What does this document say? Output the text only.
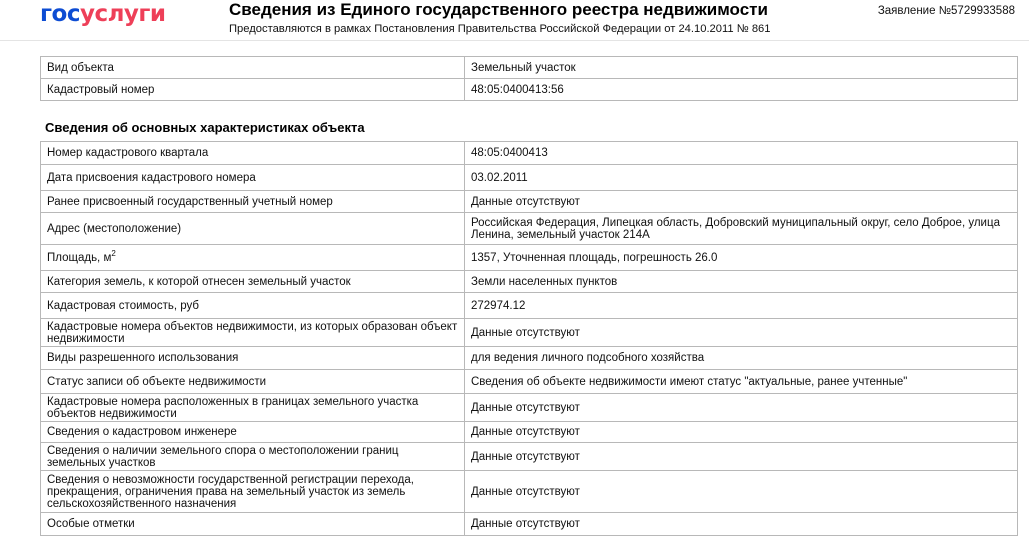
госуслуги	Сведения из Единого государственного реестра недвижимости
Предоставляются в рамках Постановления Правительства Российской Федерации от 24.10.2011 № 861
Заявление №5729933588
Вид объекта	Земельный участок
Кадастровый номер	48:05:0400413:56
Сведения об основных характеристиках объекта
Номер кадастрового квартала	48:05:0400413
Дата присвоения кадастрового номера	03.02.2011
Ранее присвоенный государственный учетный номер	Данные отсутствуют
Адрес (местоположение)	Российская Федерация, Липецкая область, Добровский муниципальный округ, село Доброе, улица Ленина, земельный участок 214А
Площадь, $м^2$	1357, Уточненная площадь, погрешность 26.0
Категория земель, к которой отнесен земельный участок	Земли населенных пунктов
Кадастровая стоимость, руб	272974.12
Кадастровые номера объектов недвижимости, из которых образован объект недвижимости	Данные отсутствуют
Виды разрешенного использования	для ведения личного подсобного хозяйства
Статус записи об объекте недвижимости	Сведения об объекте недвижимости имеют статус "актуальные, ранее учтенные"
Кадастровые номера расположенных в границах земельного участка объектов недвижимости	Данные отсутствуют
Сведения о кадастровом инженере	Данные отсутствуют
Сведения о наличии земельного спора о местоположении границ земельных участков	Данные отсутствуют
Сведения о невозможности государственной регистрации перехода, прекращения, ограничения права на земельный участок из земель сельскохозяйственного назначения	Данные отсутствуют
Особые отметки	Данные отсутствуют
